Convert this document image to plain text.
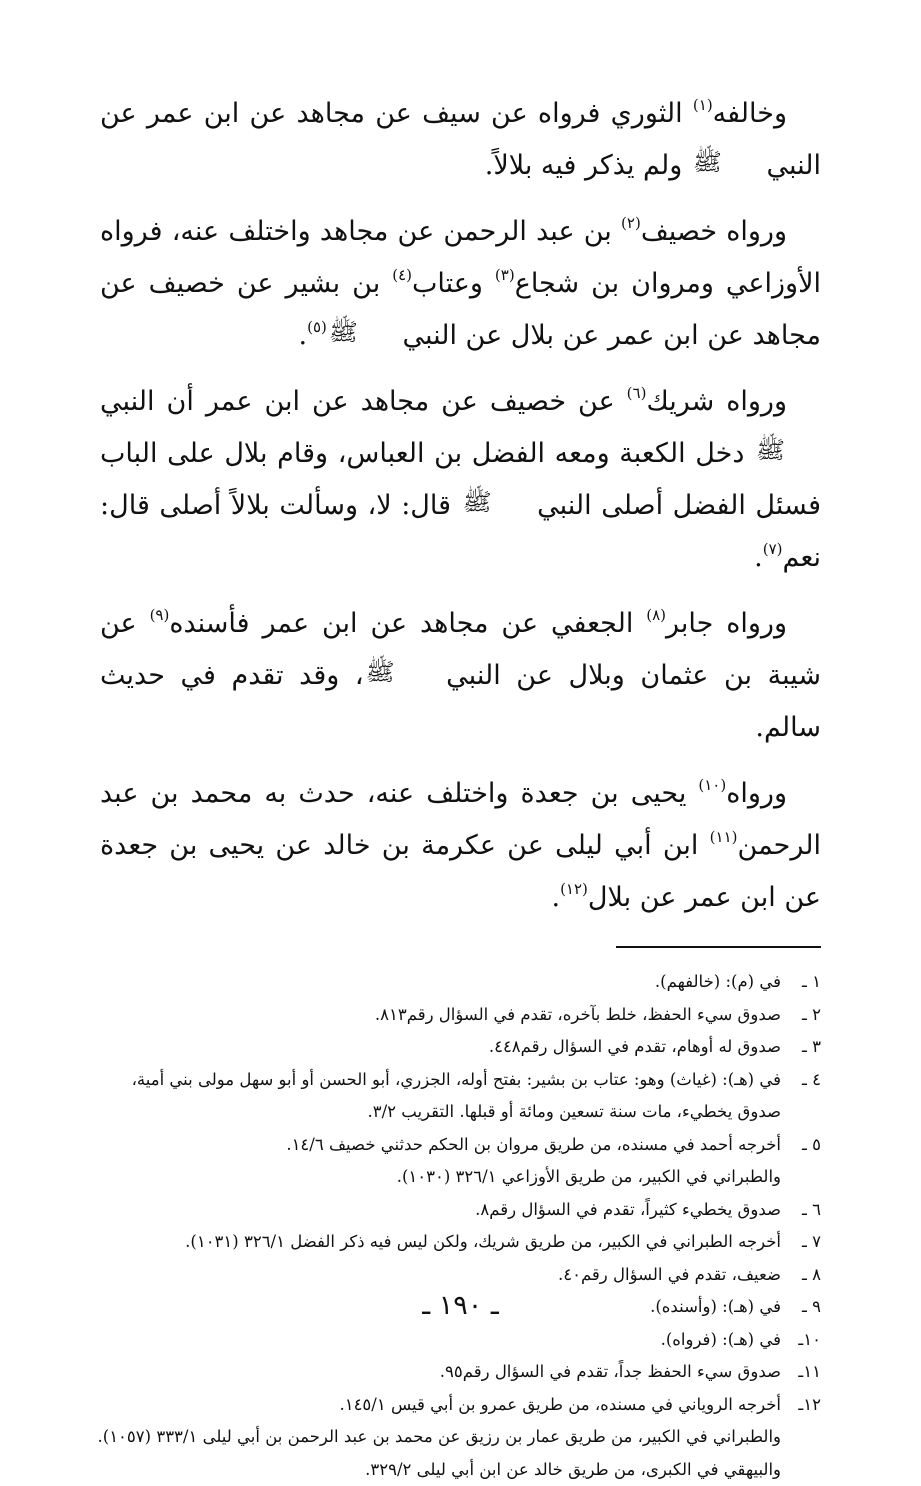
وخالفه$^{(١)}$ الثوري فرواه عن سيف عن مجاهد عن ابن عمر عن النبي ﷺ ولم يذكر فيه بلالاً.

ورواه خصيف$^{(٢)}$ بن عبد الرحمن عن مجاهد واختلف عنه، فرواه الأوزاعي ومروان بن شجاع$^{(٣)}$ وعتاب$^{(٤)}$ بن بشير عن خصيف عن مجاهد عن ابن عمر عن بلال عن النبي ﷺ$^{(٥)}$.

ورواه شريك$^{(٦)}$ عن خصيف عن مجاهد عن ابن عمر أن النبي ﷺ دخل الكعبة ومعه الفضل بن العباس، وقام بلال على الباب فسئل الفضل أصلى النبي ﷺ قال: لا، وسألت بلالاً أصلى قال: نعم$^{(٧)}$.

ورواه جابر$^{(٨)}$ الجعفي عن مجاهد عن ابن عمر فأسنده$^{(٩)}$ عن شيبة بن عثمان وبلال عن النبي ﷺ، وقد تقدم في حديث سالم.

ورواه$^{(١٠)}$ يحيى بن جعدة واختلف عنه، حدث به محمد بن عبد الرحمن$^{(١١)}$ ابن أبي ليلى عن عكرمة بن خالد عن يحيى بن جعدة عن ابن عمر عن بلال$^{(١٢)}$.

١ ـ
في (م): (خالفهم).
٢ ـ
صدوق سيء الحفظ، خلط بآخره، تقدم في السؤال رقم٨١٣.
٣ ـ
صدوق له أوهام، تقدم في السؤال رقم٤٤٨.
٤ ـ
في (هـ): (غياث) وهو: عتاب بن بشير: بفتح أوله، الجزري، أبو الحسن أو أبو سهل مولى بني أمية،
صدوق يخطيء، مات سنة تسعين ومائة أو قبلها. التقريب ٣/٢.
٥ ـ
أخرجه أحمد في مسنده، من طريق مروان بن الحكم حدثني خصيف ١٤/٦.
والطبراني في الكبير، من طريق الأوزاعي ٣٢٦/١ (١٠٣٠).
٦ ـ
صدوق يخطيء كثيراً، تقدم في السؤال رقم٨.
٧ ـ
أخرجه الطبراني في الكبير، من طريق شريك، ولكن ليس فيه ذكر الفضل ٣٢٦/١ (١٠٣١).
٨ ـ
ضعيف، تقدم في السؤال رقم٤٠.
٩ ـ
في (هـ): (وأسنده).
١٠ـ
في (هـ): (فرواه).
١١ـ
صدوق سيء الحفظ جداً، تقدم في السؤال رقم٩٥.
١٢ـ
أخرجه الروياني في مسنده، من طريق عمرو بن أبي قيس ١٤٥/١.
والطبراني في الكبير، من طريق عمار بن رزيق عن محمد بن عبد الرحمن بن أبي ليلى ٣٣٣/١ (١٠٥٧).
والبيهقي في الكبرى، من طريق خالد عن ابن أبي ليلى ٣٢٩/٢.
ـ ١٩٠ ـ
